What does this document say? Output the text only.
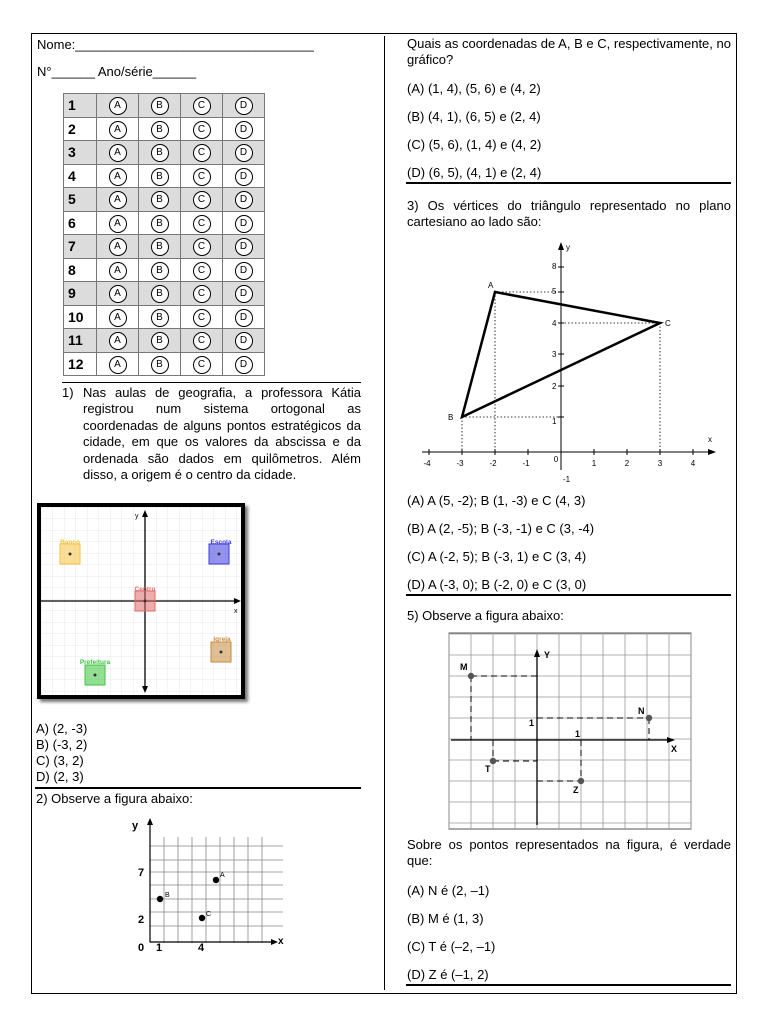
Nome:_________________________________
N°______ Ano/série______
1	A	B	C	D
2	A	B	C	D
3	A	B	C	D
4	A	B	C	D
5	A	B	C	D
6	A	B	C	D
7	A	B	C	D
8	A	B	C	D
9	A	B	C	D
10	A	B	C	D
11	A	B	C	D
12	A	B	C	D
1) Nas aulas de geografia, a professora Kátia registrou num sistema ortogonal as coordenadas de alguns pontos estratégicos da cidade, em que os valores da abscissa e da ordenada são dados em quilômetros. Além disso, a origem é o centro da cidade.
x
y
Banco	Escola
Centro
Igreja
Prefeitura
A) (2, -3)
B) (-3, 2)
C) (3, 2)
D) (2, 3)
2) Observe a figura abaixo:
y
x
0 1	4
7
2
A
B
C
Quais as coordenadas de A, B e C, respectivamente, no gráfico?
(A) (1, 4), (5, 6) e (4, 2)
(B) (4, 1), (6, 5) e (2, 4)
(C) (5, 6), (1, 4) e (4, 2)
(D) (6, 5), (4, 1) e (2, 4)
3) Os vértices do triângulo representado no plano cartesiano ao lado são:
y
x
A
B
C
-4	-3	-2	-1	0	1	2	3	4
8
5
4
3
2
1
-1
(A) A (5, -2); B (1, -3) e C (4, 3)
(B) A (2, -5); B (-3, -1) e C (3, -4)
(C) A (-2, 5); B (-3, 1) e C (3, 4)
(D) A (-3, 0); B (-2, 0) e C (3, 0)
5) Observe a figura abaixo:
M
N
T
Z
Y
X
1
1
Sobre os pontos representados na figura, é verdade que:
(A) N é (2, –1)
(B) M é (1, 3)
(C) T é (–2, –1)
(D) Z é (–1, 2)
